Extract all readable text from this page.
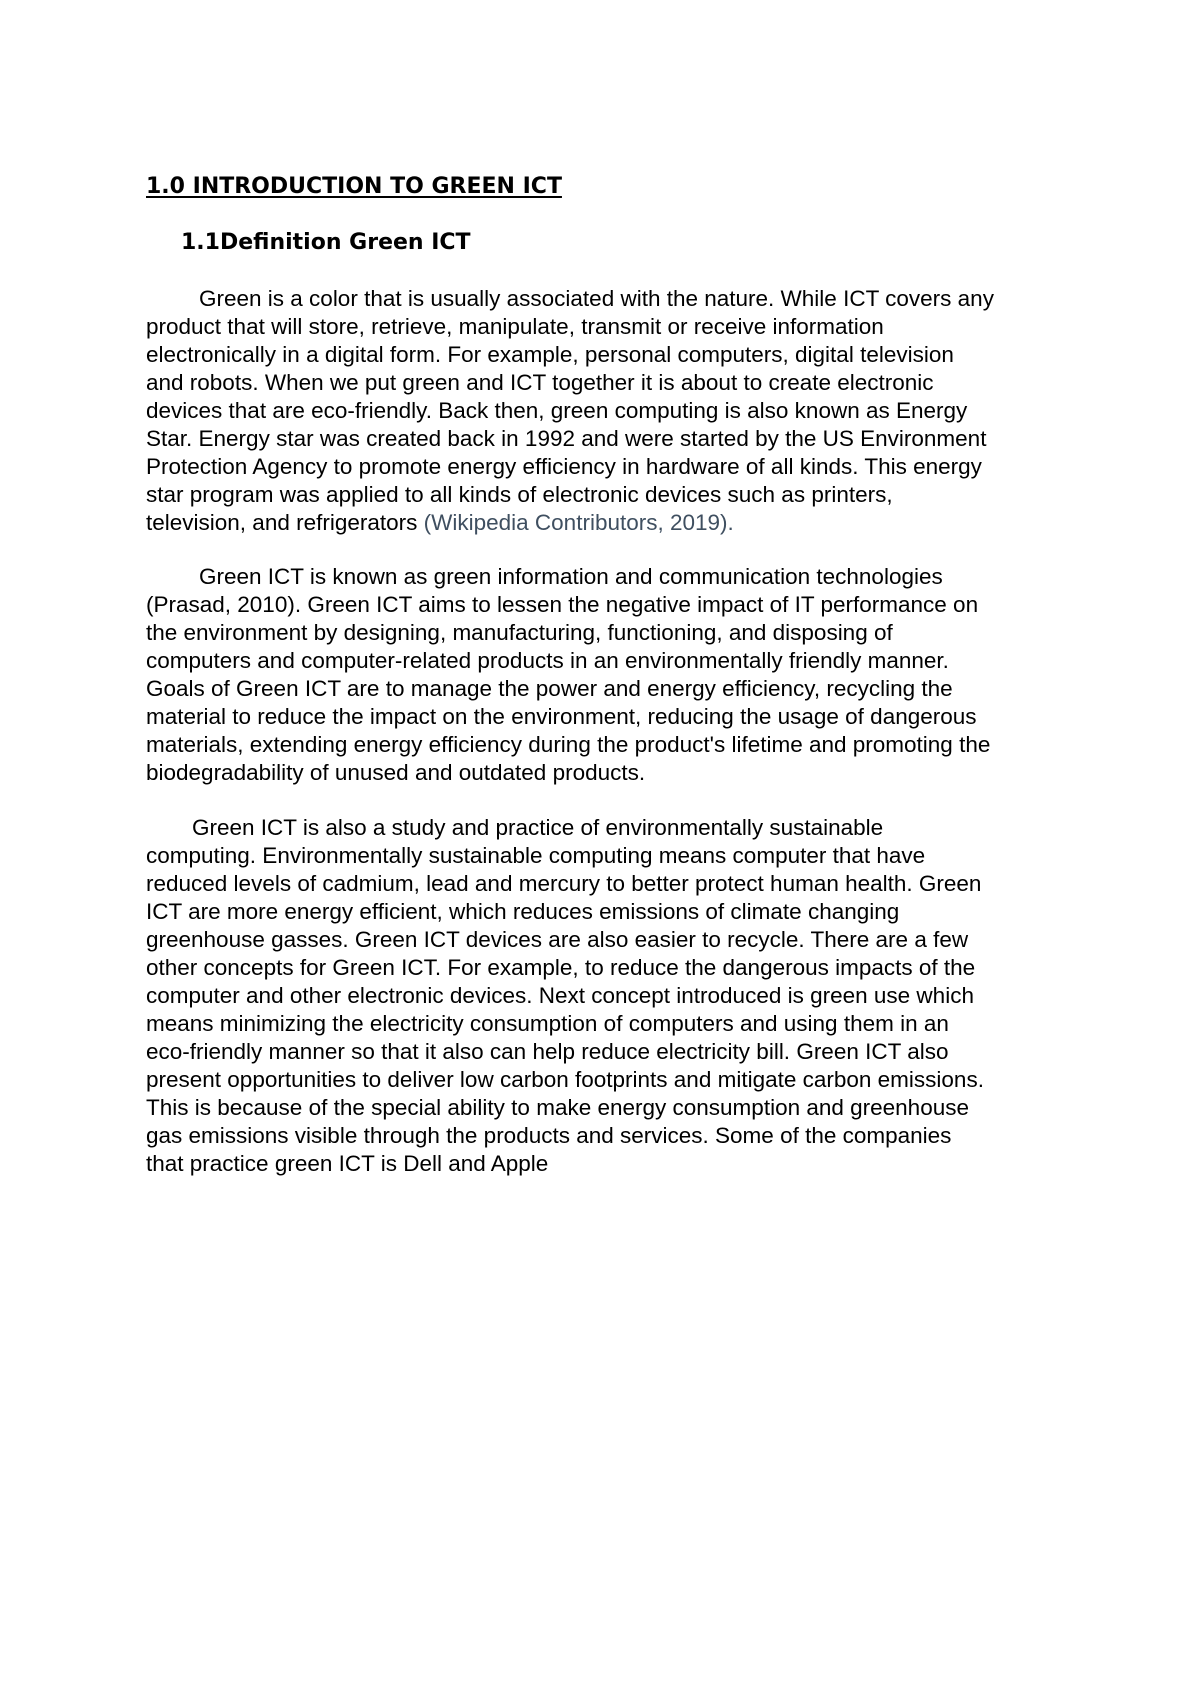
1.0 INTRODUCTION TO GREEN ICT
1.1Definition Green ICT

Green is a color that is usually associated with the nature. While ICT covers any
product that will store, retrieve, manipulate, transmit or receive information
electronically in a digital form. For example, personal computers, digital television
and robots. When we put green and ICT together it is about to create electronic
devices that are eco-friendly. Back then, green computing is also known as Energy
Star. Energy star was created back in 1992 and were started by the US Environment
Protection Agency to promote energy efficiency in hardware of all kinds. This energy
star program was applied to all kinds of electronic devices such as printers,
television, and refrigerators (Wikipedia Contributors, 2019).

Green ICT is known as green information and communication technologies
(Prasad, 2010). Green ICT aims to lessen the negative impact of IT performance on
the environment by designing, manufacturing, functioning, and disposing of
computers and computer-related products in an environmentally friendly manner.
Goals of Green ICT are to manage the power and energy efficiency, recycling the
material to reduce the impact on the environment, reducing the usage of dangerous
materials, extending energy efficiency during the product's lifetime and promoting the
biodegradability of unused and outdated products.

Green ICT is also a study and practice of environmentally sustainable
computing. Environmentally sustainable computing means computer that have
reduced levels of cadmium, lead and mercury to better protect human health. Green
ICT are more energy efficient, which reduces emissions of climate changing
greenhouse gasses. Green ICT devices are also easier to recycle. There are a few
other concepts for Green ICT. For example, to reduce the dangerous impacts of the
computer and other electronic devices. Next concept introduced is green use which
means minimizing the electricity consumption of computers and using them in an
eco-friendly manner so that it also can help reduce electricity bill. Green ICT also
present opportunities to deliver low carbon footprints and mitigate carbon emissions.
This is because of the special ability to make energy consumption and greenhouse
gas emissions visible through the products and services. Some of the companies
that practice green ICT is Dell and Apple
